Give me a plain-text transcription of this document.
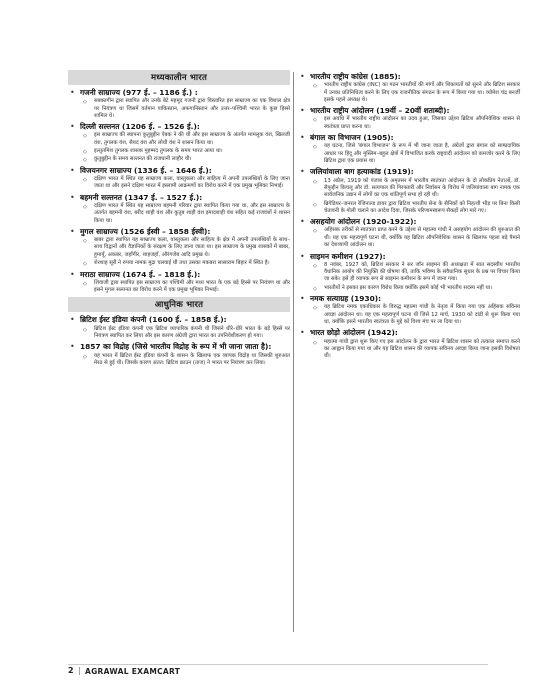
मध्यकालीन भारत
• गजनी साम्राज्य (977 ई. – 1186 ई.) :
◇ सबक्तगीन द्वारा स्थापित और उनके बेटे महमूद गजनी द्वारा विस्तारित इस साम्राज्य का एक विशाल क्षेत्र पर नियंत्रण था जिसमें वर्तमान पाकिस्तान, अफगानिस्तान और उत्तर–पश्चिमी भारत के कुछ हिस्से शामिल थे।
• दिल्ली सल्तनत (1206 ई. – 1526 ई.):
◇ इस साम्राज्य की स्थापना कुतुबुद्दीन ऐबक ने की थी और इस साम्राज्य के अंतर्गत मामलुक वंश, खिलजी वंश, तुगलक वंश, सैयद वंश और लोधी वंश ने शासन किया था।
◇ इल्तुतमिश तुगलक शासक मुहम्मद तुगलक के समय भारत आया था।
◇ कुतुबुद्दीन के समय सल्तनत की राजधानी लाहौर थी।
• विजयनगर साम्राज्य (1336 ई. – 1646 ई.):
◇ दक्षिण भारत में स्थित यह साम्राज्य कला, वास्तुकला और साहित्य में अपनी उपलब्धियों के लिए जाना जाता था और इसने दक्षिण भारत में इस्लामी आक्रमणों का विरोध करने में एक प्रमुख भूमिका निभाई।
• बहमनी सल्तनत (1347 ई. – 1527 ई.):
◇ दक्षिण भारत में स्थित यह साम्राज्य बहमनी परिवार द्वारा स्थापित किया गया था, और इस साम्राज्य के अंतर्गत बहमनी वंश, बरीद शाही वंश और कुतुब शाही वंश इमादशाही वंश सहित कई राजवंशों ने शासन किया था।
• मुगल साम्राज्य (1526 ईस्वी – 1858 ईस्वी):
◇ बाबर द्वारा स्थापित यह साम्राज्य कला, वास्तुकला और साहित्य के क्षेत्र में अपनी उपलब्धियों के साथ–साथ विद्वानों और वैज्ञानिकों के संरक्षण के लिए जाना जाता था। इस साम्राज्य के प्रमुख शासकों में बाबर, हुमायूँ, अकबर, जहाँगीर, शाहजहाँ, औरंगजेब आदि प्रमुख थे।
◇ शेरशाह सूरी ने रुपया नामक मुद्रा चलवाई थी तथा उसका मकबरा सासाराम बिहार में स्थित है।
• मराठा साम्राज्य (1674 ई. – 1818 ई.):
◇ शिवाजी द्वारा स्थापित इस साम्राज्य का पश्चिमी और मध्य भारत के एक बड़े हिस्से पर नियंत्रण था और इसने मुगल सल्तनत का विरोध करने में एक प्रमुख भूमिका निभाई।
आधुनिक भारत
• ब्रिटिश ईस्ट इंडिया कंपनी (1600 ई. – 1858 ई.):
◇ ब्रिटिश ईस्ट इंडिया कंपनी एक ब्रिटिश व्यापारिक कंपनी थी जिसने धीरे–धीरे भारत के बड़े हिस्से पर नियंत्रण स्थापित कर लिया और इस कारण अंग्रेजी द्वारा भारत का उपनिवेशीकरण हो गया।
• 1857 का विद्रोह (जिसे भारतीय विद्रोह के रूप में भी जाना जाता है):
◇ यह भारत में ब्रिटिश ईस्ट इंडिया कंपनी के शासन के खिलाफ एक व्यापक विद्रोह था जिसकी शुरुआत मेरठ से हुई थी। जिसके कारण अंतत: ब्रिटिश क्राउन (ताज) ने भारत पर नियंत्रण कर लिया।
• भारतीय राष्ट्रीय कांग्रेस (1885):
◇ भारतीय राष्ट्रीय कांग्रेस (INC) का गठन भारतीयों की मांगों और शिकायतों को सुनने और ब्रिटिश सरकार में उनका प्रतिनिधित्व करने के लिए एक राजनीतिक संगठन के रूप में किया गया था। व्योमेश चंद्र बनर्जी इसके पहले अध्यक्ष थे।
• भारतीय राष्ट्रीय आंदोलन (19वीं – 20वीं शताब्दी):
◇ इस अवधि में भारतीय राष्ट्रीय आंदोलन का उदय हुआ, जिसका उद्देश्य ब्रिटिश औपनिवेशिक शासन से स्वतंत्रता प्राप्त करना था।
• बंगाल का विभाजन (1905):
◇ यह घटना, जिसे 'बंगाल विभाजन' के रूप में भी जाना जाता है, अंग्रेजों द्वारा बंगाल को साम्प्रदायिक आधार पर हिंदू और मुस्लिम–बहुल क्षेत्रों में विभाजित करके राष्ट्रवादी आंदोलन को कमजोर करने के लिए ब्रिटिश द्वारा एक प्रयास था।
• जलियांवाला बाग हत्याकांड (1919):
◇ 13 अप्रैल, 1919 को पंजाब के अमृतसर में भारतीय स्वतंत्रता आंदोलन के दो लोकप्रिय नेताओं, डॉ. सैफुद्दीन किचलू और डॉ. सत्यपाल की गिरफ्तारी और निर्वासन के विरोध में जलियांवाला बाग नामक एक सार्वजनिक उद्यान में लोगों का एक शांतिपूर्ण सभा हो रही थी।
◇ ब्रिगेडियर–जनरल रेजिनाल्ड डायर द्वारा ब्रिटिश भारतीय सेना के सैनिकों को निहत्थी भीड़ पर बिना किसी चेतावनी के गोली चलाने का आदेश दिया, जिसके परिणामस्वरूप सैकड़ों लोग मारे गए।
• असहयोग आंदोलन (1920-1922):
◇ अहिंसक तरीकों से स्वतंत्रता प्राप्त करने के उद्देश्य से महात्मा गांधी ने असहयोग आंदोलन की शुरुआत की थी। यह एक महत्वपूर्ण घटना थी, क्योंकि यह ब्रिटिश औपनिवेशिक शासन के खिलाफ पहला बड़े पैमाने का देशव्यापी आंदोलन था।
• साइमन कमीशन (1927):
◇ 8 नवंबर, 1927 को, ब्रिटिश सरकार ने सर जॉन साइमन की अध्यक्षता में सात सदस्यीय भारतीय वैधानिक आयोग की नियुक्ति की घोषणा की, ताकि भविष्य के संवैधानिक सुधार के प्रश्न पर विचार किया जा सके। इसे ही व्यापक रूप से साइमन कमीशन के रूप में जाना गया।
◇ भारतीयों ने इसका इस कारण विरोध किया क्योंकि इसमें कोई भी भारतीय सदस्य नहीं था।
• नमक सत्याग्रह (1930):
◇ यह ब्रिटिश नमक एकाधिकार के विरुद्ध महात्मा गांधी के नेतृत्व में किया गया एक अहिंसक सविनय अवज्ञा आंदोलन था। यह एक महत्वपूर्ण घटना थी जिसे 12 मार्च, 1930 को दांडी से शुरू किया गया था, क्योंकि इसने भारतीय स्वतंत्रता के मुद्दे को विश्व मंच पर ला दिया था।
• भारत छोड़ो आंदोलन (1942):
◇ महात्मा गांधी द्वारा शुरू किए गए इस आंदोलन के द्वारा भारत में ब्रिटिश शासन को तत्काल समाप्त करने का आह्वान किया गया था और यह ब्रिटिश शासन की व्यापक सविनय अवज्ञा किया जाना इसकी विशेषता थी।
2 | AGRAWAL EXAMCART
